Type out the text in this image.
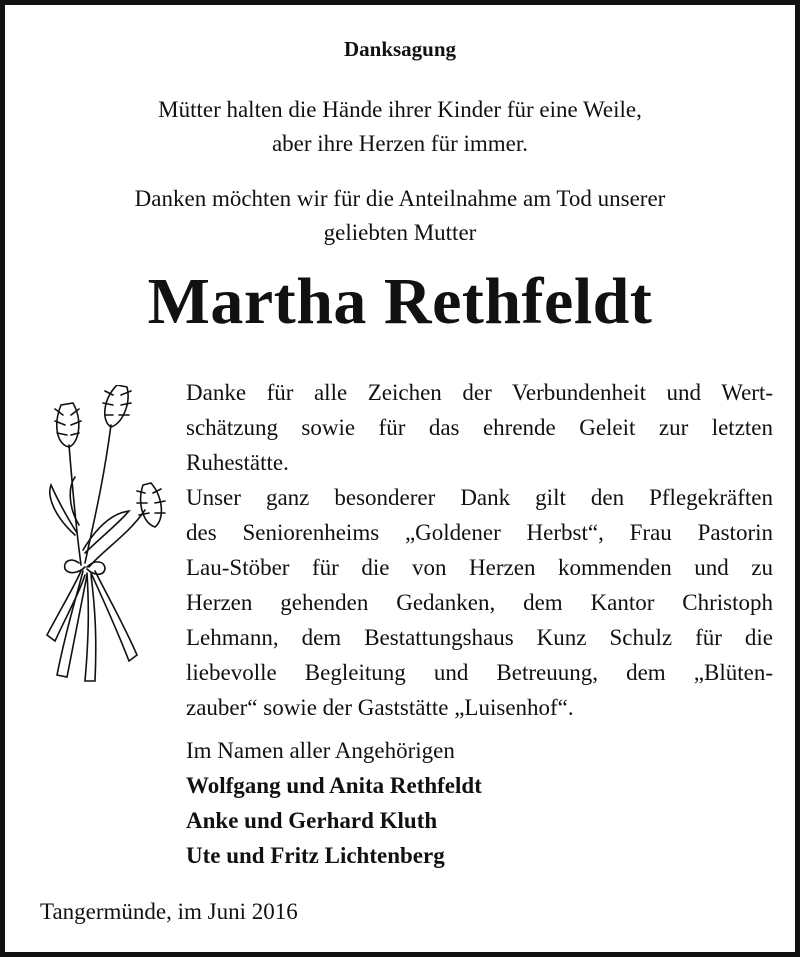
Danksagung
Mütter halten die Hände ihrer Kinder für eine Weile,
aber ihre Herzen für immer.
Danken möchten wir für die Anteilnahme am Tod unserer
geliebten Mutter
Martha Rethfeldt
Danke für alle Zeichen der Verbundenheit und Wert-
schätzung sowie für das ehrende Geleit zur letzten
Ruhestätte.
Unser ganz besonderer Dank gilt den Pflegekräften
des Seniorenheims „Goldener Herbst“, Frau Pastorin
Lau-Stöber für die von Herzen kommenden und zu
Herzen gehenden Gedanken, dem Kantor Christoph
Lehmann, dem Bestattungshaus Kunz Schulz für die
liebevolle Begleitung und Betreuung, dem „Blüten-
zauber“ sowie der Gaststätte „Luisenhof“.
Im Namen aller Angehörigen
Wolfgang und Anita Rethfeldt
Anke und Gerhard Kluth
Ute und Fritz Lichtenberg
Tangermünde, im Juni 2016
